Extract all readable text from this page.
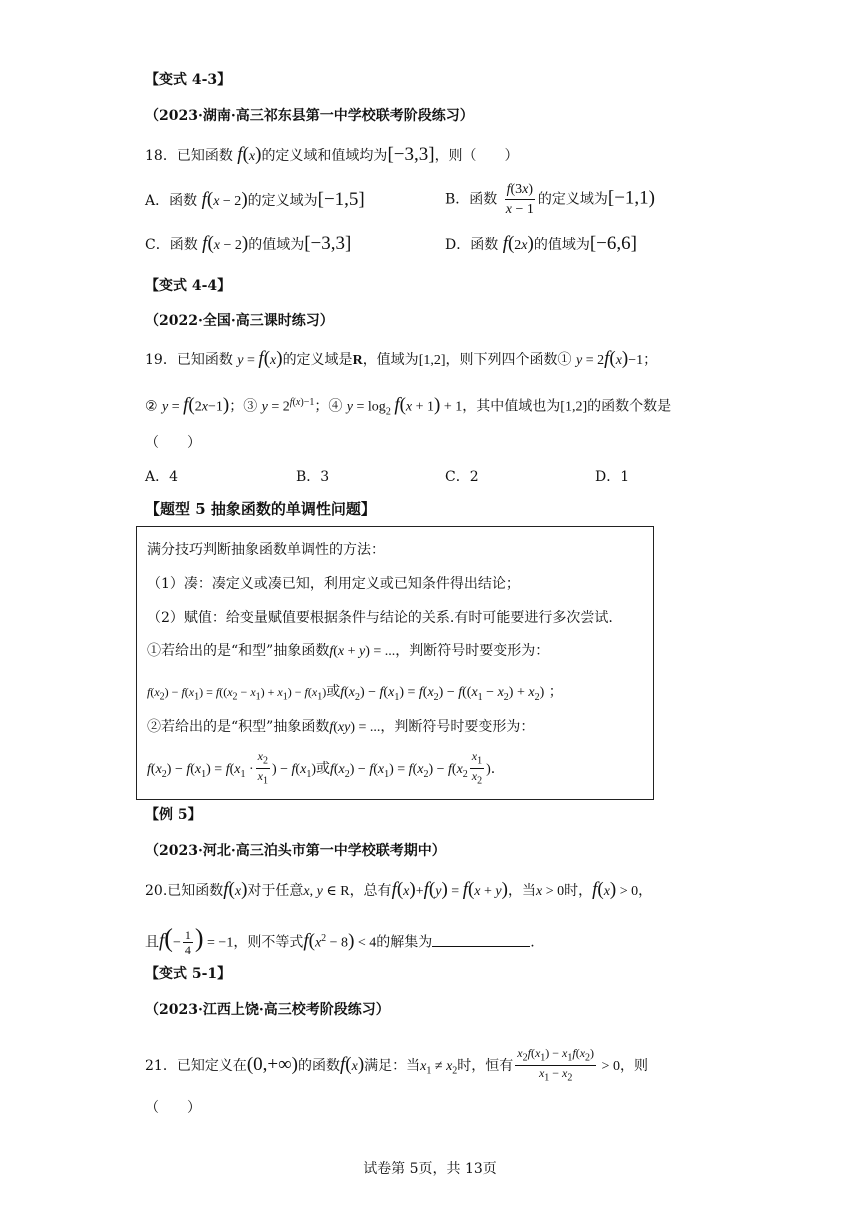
【变式 4-3】
（2023·湖南·高三祁东县第一中学校联考阶段练习）
18．已知函数 f(x)的定义域和值域均为[−3,3]，则（　　）
A．函数 f(x − 2)的定义域为[−1,5]	B．函数 $\frac{f(3x)}{x - 1}$ 的定义域为[−1,1)
C．函数 f(x − 2)的值域为[−3,3]	D．函数 f(2x)的值域为[−6,6]
【变式 4-4】
（2022·全国·高三课时练习）
19．已知函数 y = f(x)的定义域是R，值域为[1,2]，则下列四个函数① y = 2f(x)−1；
② y = f(2x−1)；③ $y = 2^{f(x)-1}$；④ $y = \log_2 f(x + 1) + 1$，其中值域也为[1,2]的函数个数是
（　　）
A．4	B．3	C．2	D．1
【题型 5 抽象函数的单调性问题】
满分技巧判断抽象函数单调性的方法：
（1）凑：凑定义或凑已知，利用定义或已知条件得出结论；
（2）赋值：给变量赋值要根据条件与结论的关系.有时可能要进行多次尝试.
①若给出的是“和型”抽象函数f(x + y) = ...，判断符号时要变形为：
$f(x_2) - f(x_1) = f((x_2 - x_1) + x_1) - f(x_1)$或$f(x_2) - f(x_1) = f(x_2) - f((x_1 - x_2) + x_2)$ ；
②若给出的是“积型”抽象函数f(xy) = ...，判断符号时要变形为：
$f(x_2) - f(x_1) = f(x_1 \cdot \frac{x_2}{x_1}$ ) − $f(x_1)$或$f(x_2) - f(x_1) = f(x_2) - f(x_2 \frac{x_1}{x_2}$ ).
【例 5】
（2023·河北·高三泊头市第一中学校联考期中）
20.已知函数f(x)对于任意x, y ∈ R，总有f(x)+f(y) = f(x + y)，当x > 0时，f(x) > 0，
且$f(- \frac{1}{4}$ ) = −1，则不等式$f(x^2 - 8) < 4$的解集为	.
【变式 5-1】
（2023·江西上饶·高三校考阶段练习）
21．已知定义在(0,+∞)的函数f(x)满足：当$x_1 \ne x_2$时，恒有 $\frac{x_2f(x_1) - x_1f(x_2)}{x_1 - x_2} > 0$，则
（　　）
试卷第 5页，共 13页
